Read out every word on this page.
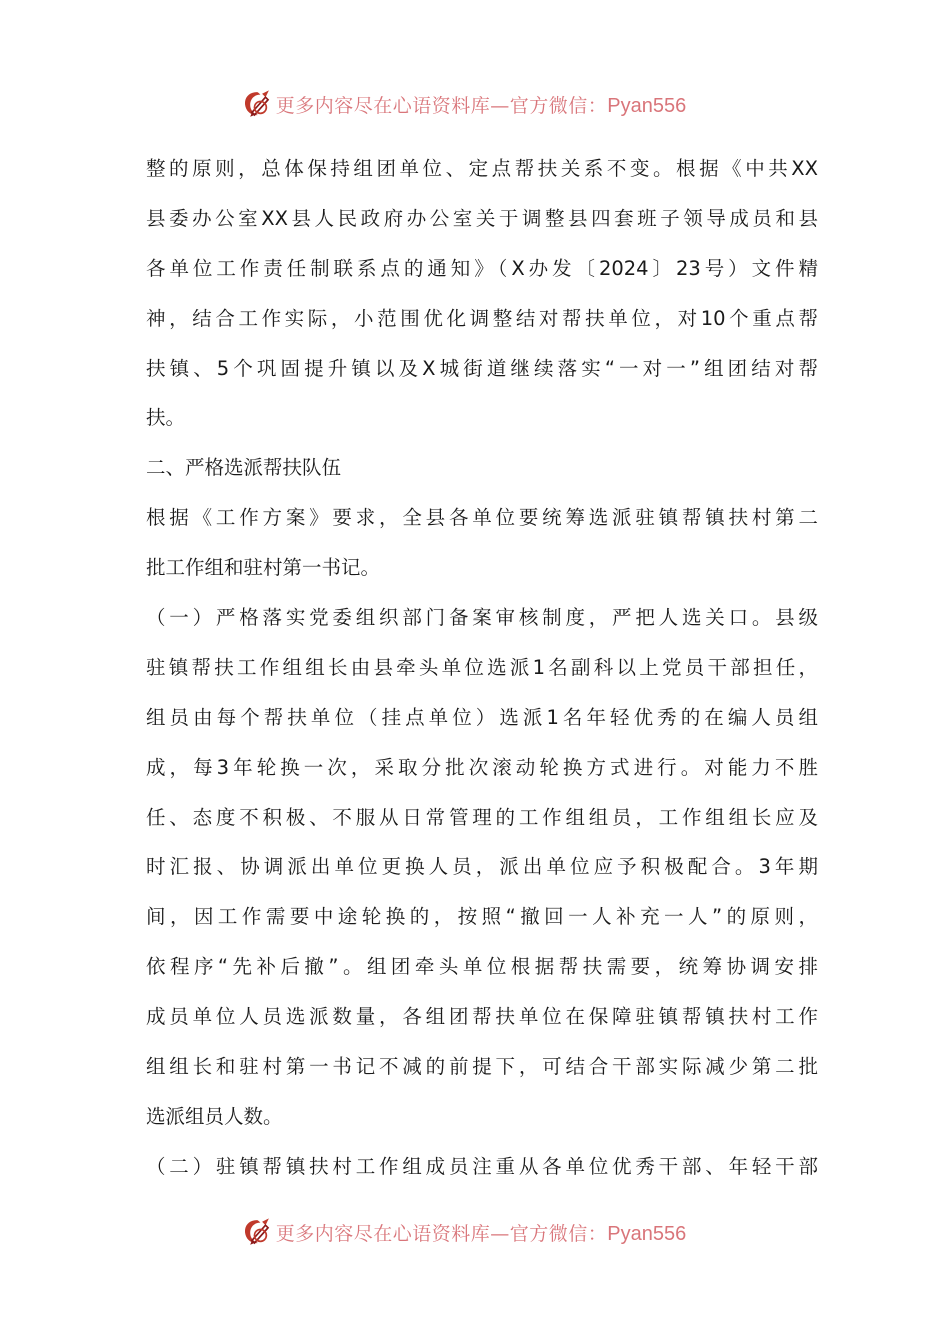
更多内容尽在心语资料库—官方微信：Pyan556
整的原则，总体保持组团单位、定点帮扶关系不变。根据《中共XX
县委办公室XX县人民政府办公室关于调整县四套班子领导成员和县
各单位工作责任制联系点的通知》（X办发〔2024〕23号）文件精
神，结合工作实际，小范围优化调整结对帮扶单位，对10个重点帮
扶镇、5个巩固提升镇以及X城街道继续落实“一对一”组团结对帮
扶。
二、严格选派帮扶队伍
根据《工作方案》要求，全县各单位要统筹选派驻镇帮镇扶村第二
批工作组和驻村第一书记。
（一）严格落实党委组织部门备案审核制度，严把人选关口。县级
驻镇帮扶工作组组长由县牵头单位选派1名副科以上党员干部担任，
组员由每个帮扶单位（挂点单位）选派1名年轻优秀的在编人员组
成，每3年轮换一次，采取分批次滚动轮换方式进行。对能力不胜
任、态度不积极、不服从日常管理的工作组组员，工作组组长应及
时汇报、协调派出单位更换人员，派出单位应予积极配合。3年期
间，因工作需要中途轮换的，按照“撤回一人补充一人”的原则，
依程序“先补后撤”。组团牵头单位根据帮扶需要，统筹协调安排
成员单位人员选派数量，各组团帮扶单位在保障驻镇帮镇扶村工作
组组长和驻村第一书记不减的前提下，可结合干部实际减少第二批
选派组员人数。
（二）驻镇帮镇扶村工作组成员注重从各单位优秀干部、年轻干部
更多内容尽在心语资料库—官方微信：Pyan556
